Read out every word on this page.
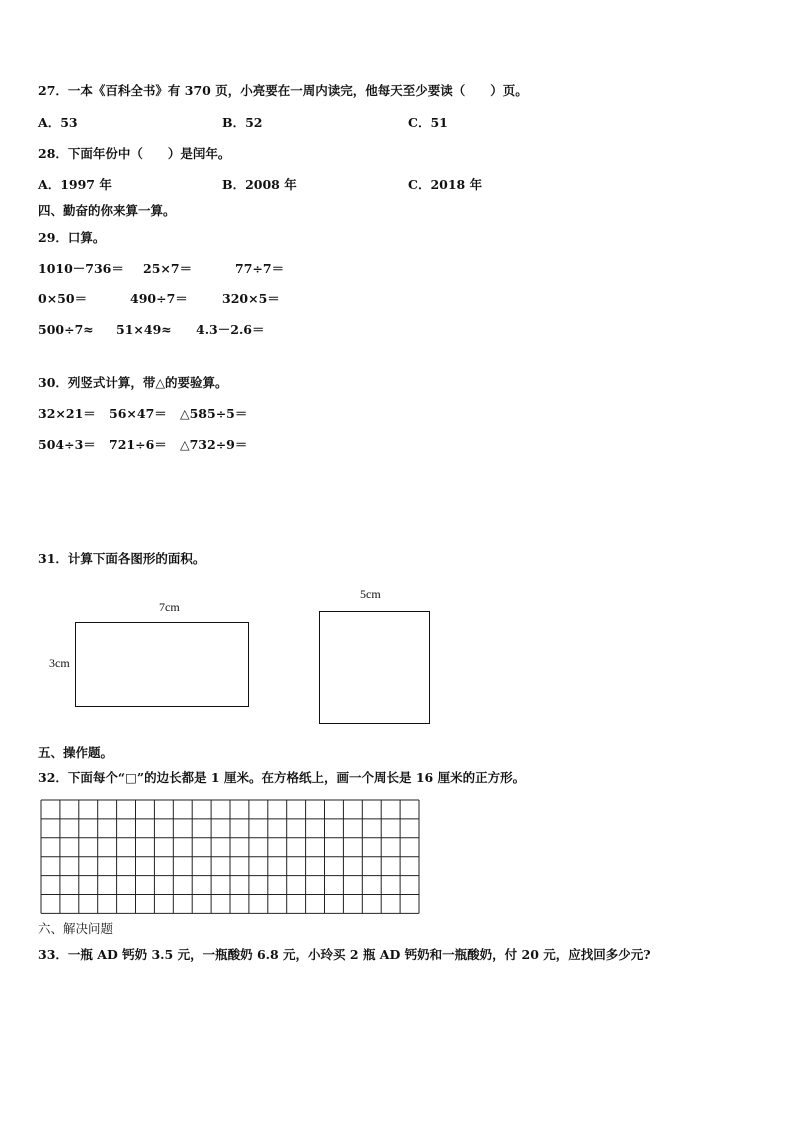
27．一本《百科全书》有 370 页，小亮要在一周内读完，他每天至少要读（　　）页。
A．53	B．52	C．51
28．下面年份中（　　）是闰年。
A．1997 年	B．2008 年	C．2018 年
四、勤奋的你来算一算。
29．口算。
1010－736＝ 25×7＝	77÷7＝
0×50＝	490÷7＝	320×5＝
500÷7≈ 51×49≈ 4.3－2.6＝
30．列竖式计算，带△的要验算。
32×21＝ 56×47＝ △585÷5＝
504÷3＝ 721÷6＝ △732÷9＝
31．计算下面各图形的面积。
7cm
3cm
5cm
五、操作题。
32．下面每个“□”的边长都是 1 厘米。在方格纸上，画一个周长是 16 厘米的正方形。
六、解决问题
33．一瓶 AD 钙奶 3.5 元，一瓶酸奶 6.8 元，小玲买 2 瓶 AD 钙奶和一瓶酸奶，付 20 元，应找回多少元?
